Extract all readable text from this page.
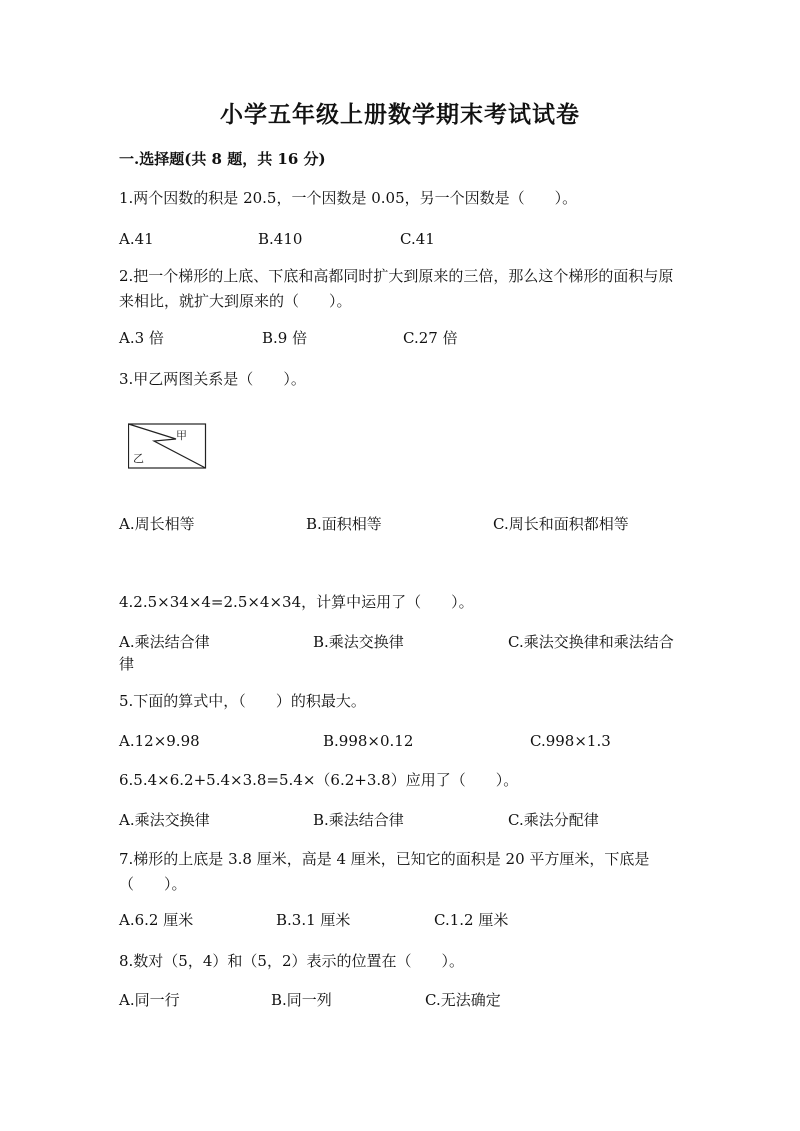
小学五年级上册数学期末考试试卷
一.选择题(共 8 题，共 16 分)
1.两个因数的积是 20.5，一个因数是 0.05，另一个因数是（　　）。
A.41	B.410	C.41
2.把一个梯形的上底、下底和高都同时扩大到原来的三倍，那么这个梯形的面积与原来相比，就扩大到原来的（　　）。
A.3 倍	B.9 倍	C.27 倍
3.甲乙两图关系是（　　）。
甲
乙
A.周长相等	B.面积相等	C.周长和面积都相等
4.2.5×34×4=2.5×4×34，计算中运用了（　　）。
A.乘法结合律	B.乘法交换律	C.乘法交换律和乘法结合律
5.下面的算式中，（　　）的积最大。
A.12×9.98	B.998×0.12	C.998×1.3
6.5.4×6.2+5.4×3.8=5.4×（6.2+3.8）应用了（　　）。
A.乘法交换律	B.乘法结合律	C.乘法分配律
7.梯形的上底是 3.8 厘米，高是 4 厘米，已知它的面积是 20 平方厘米，下底是（　　）。
A.6.2 厘米	B.3.1 厘米	C.1.2 厘米
8.数对（5，4）和（5，2）表示的位置在（　　）。
A.同一行	B.同一列	C.无法确定
